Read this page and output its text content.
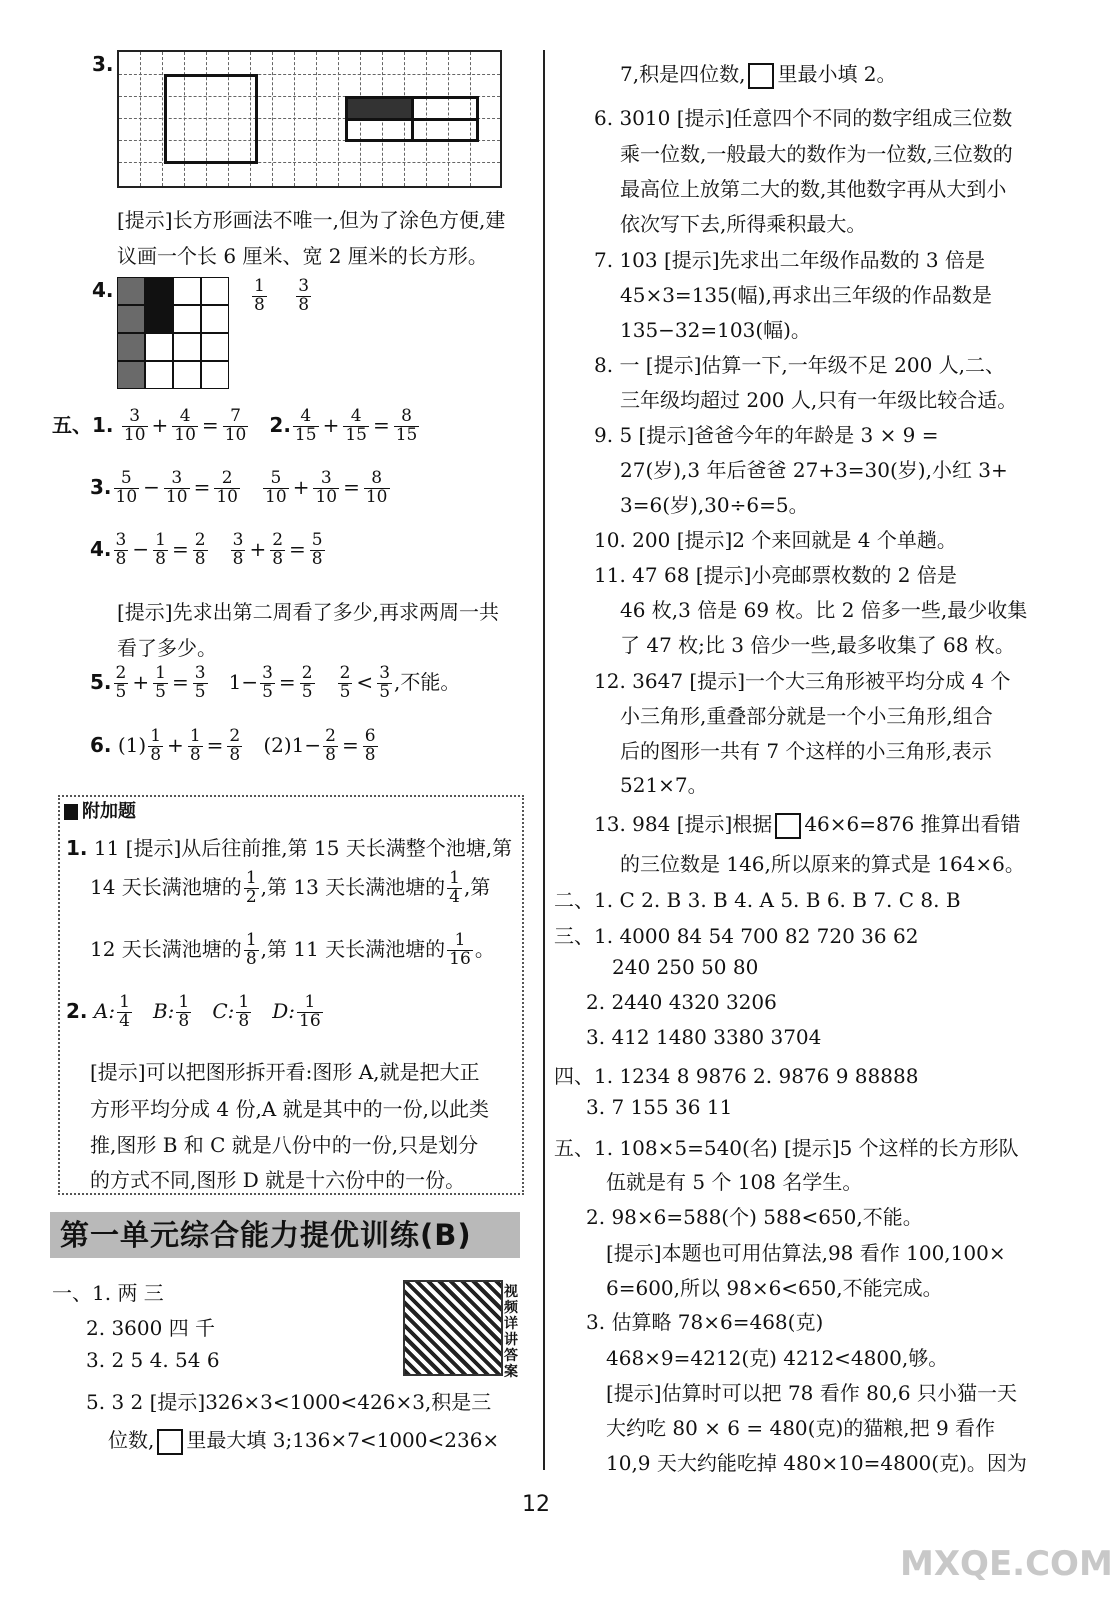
3.
[提示]长方形画法不唯一,但为了涂色方便,建
议画一个长 6 厘米、宽 2 厘米的长方形。
4.	$\frac{1}{8}$
$\frac{3}{8}$
五、1. $\frac{3}{10} + \frac{4}{10} = \frac{7}{10} 2$. $\frac{4}{15} + \frac{4}{15} = \frac{8}{15}$
3. $\frac{5}{10} - \frac{3}{10} = \frac{2}{10}$
$\frac{5}{10} + \frac{3}{10} = \frac{8}{10}$
4. $\frac{3}{8} - \frac{1}{8} = \frac{2}{8}$
$\frac{3}{8} + \frac{2}{8} = \frac{5}{8}$
[提示]先求出第二周看了多少,再求两周一共
看了多少。
5. $\frac{2}{5} + \frac{1}{5} = \frac{3}{5} 1- \frac{3}{5} = \frac{2}{5}$
$\frac{2}{5} < \frac{3}{5}$ ,不能。
6. $(1) \frac{1}{8} + \frac{1}{8} = \frac{2}{8} (2)1- \frac{2}{8} = \frac{6}{8}$
附加题
1. 11 [提示]从后往前推,第 15 天长满整个池塘,第
14 天长满池塘的 $\frac{1}{2}$ ,第 13 天长满池塘的 $\frac{1}{4}$ ,第
12 天长满池塘的 $\frac{1}{8}$ ,第 11 天长满池塘的 $\frac{1}{16}$ 。
2. A: $\frac{1}{4} B$: $\frac{1}{8} C$: $\frac{1}{8} D$: $\frac{1}{16}$
[提示]可以把图形拆开看:图形 A,就是把大正
方形平均分成 4 份,A 就是其中的一份,以此类
推,图形 B 和 C 就是八份中的一份,只是划分
的方式不同,图形 D 就是十六份中的一份。
第一单元综合能力提优训练(B)
视频详讲答案
一、1. 两 三
2. 3600 四 千
3. 2 5 4. 54 6
5. 3 2 [提示]326×3<1000<426×3,积是三
位数, 里最大填 3;136×7<1000<236×
7,积是四位数, 里最小填 2。
6. 3010 [提示]任意四个不同的数字组成三位数
乘一位数,一般最大的数作为一位数,三位数的
最高位上放第二大的数,其他数字再从大到小
依次写下去,所得乘积最大。
7. 103 [提示]先求出二年级作品数的 3 倍是
45×3=135(幅),再求出三年级的作品数是
135−32=103(幅)。
8. 一 [提示]估算一下,一年级不足 200 人,二、
三年级均超过 200 人,只有一年级比较合适。
9. 5 [提示]爸爸今年的年龄是 3 × 9 =
27(岁),3 年后爸爸 27+3=30(岁),小红 3+
3=6(岁),30÷6=5。
10. 200 [提示]2 个来回就是 4 个单趟。
11. 47 68 [提示]小亮邮票枚数的 2 倍是
46 枚,3 倍是 69 枚。比 2 倍多一些,最少收集
了 47 枚;比 3 倍少一些,最多收集了 68 枚。
12. 3647 [提示]一个大三角形被平均分成 4 个
小三角形,重叠部分就是一个小三角形,组合
后的图形一共有 7 个这样的小三角形,表示
521×7。
13. 984 [提示]根据 46×6=876 推算出看错
的三位数是 146,所以原来的算式是 164×6。
二、1. C 2. B 3. B 4. A 5. B 6. B 7. C 8. B
三、1. 4000 84 54 700 82 720 36 62
240 250 50 80
2. 2440 4320 3206
3. 412 1480 3380 3704
四、1. 1234 8 9876 2. 9876 9 88888
3. 7 155 36 11
五、1. 108×5=540(名) [提示]5 个这样的长方形队
伍就是有 5 个 108 名学生。
2. 98×6=588(个) 588<650,不能。
[提示]本题也可用估算法,98 看作 100,100×
6=600,所以 98×6<650,不能完成。
3. 估算略 78×6=468(克)
468×9=4212(克) 4212<4800,够。
[提示]估算时可以把 78 看作 80,6 只小猫一天
大约吃 80 × 6 = 480(克)的猫粮,把 9 看作
10,9 天大约能吃掉 480×10=4800(克)。因为
12
MXQE.COM
